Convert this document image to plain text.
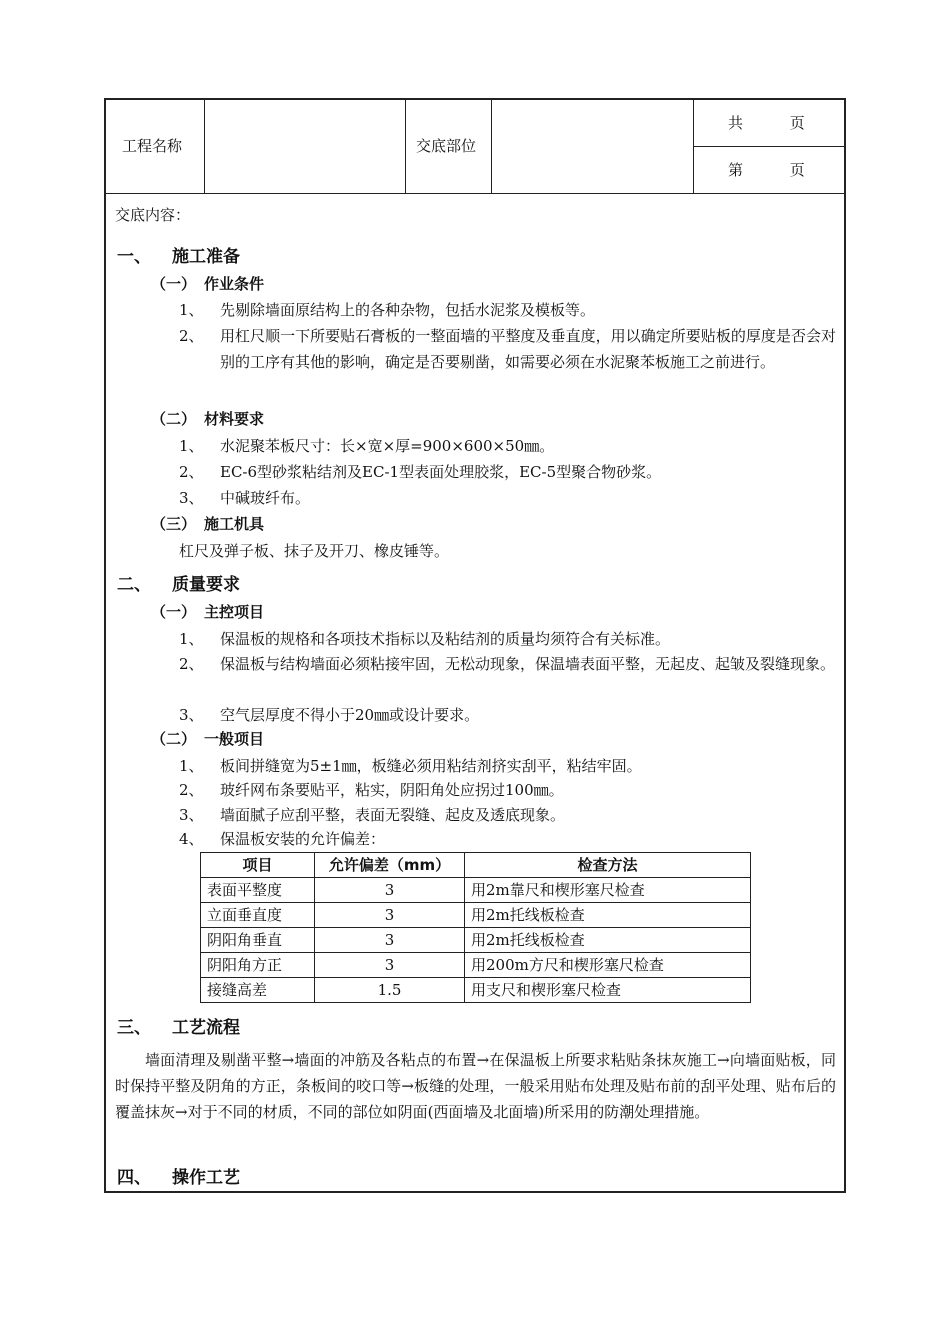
工程名称	交底部位
共 页
第 页
交底内容：
一、 施工准备
（一） 作业条件
1、 先剔除墙面原结构上的各种杂物，包括水泥浆及模板等。
2、 用杠尺顺一下所要贴石膏板的一整面墙的平整度及垂直度，用以确定所要贴板的厚度是否会对别的工序有其他的影响，确定是否要剔凿，如需要必须在水泥聚苯板施工之前进行。
（二） 材料要求
1、 水泥聚苯板尺寸：长×宽×厚=900×600×50㎜。
2、 EC-6型砂浆粘结剂及EC-1型表面处理胶浆，EC-5型聚合物砂浆。
3、 中碱玻纤布。
（三） 施工机具
杠尺及弹子板、抹子及开刀、橡皮锤等。
二、 质量要求
（一） 主控项目
1、 保温板的规格和各项技术指标以及粘结剂的质量均须符合有关标准。
2、 保温板与结构墙面必须粘接牢固，无松动现象，保温墙表面平整，无起皮、起皱及裂缝现象。
3、 空气层厚度不得小于20㎜或设计要求。
（二） 一般项目
1、 板间拼缝宽为5±1㎜，板缝必须用粘结剂挤实刮平，粘结牢固。
2、 玻纤网布条要贴平，粘实，阴阳角处应拐过100㎜。
3、 墙面腻子应刮平整，表面无裂缝、起皮及透底现象。
4、 保温板安装的允许偏差：
项目	允许偏差（mm）	检查方法
表面平整度	3	用2m靠尺和楔形塞尺检查
立面垂直度	3	用2m托线板检查
阴阳角垂直	3	用2m托线板检查
阴阳角方正	3	用200m方尺和楔形塞尺检查
接缝高差	1.5	用支尺和楔形塞尺检查
三、 工艺流程
墙面清理及剔凿平整→墙面的冲筋及各粘点的布置→在保温板上所要求粘贴条抹灰施工→向墙面贴板，同时保持平整及阴角的方正，条板间的咬口等→板缝的处理，一般采用贴布处理及贴布前的刮平处理、贴布后的覆盖抹灰→对于不同的材质，不同的部位如阴面(西面墙及北面墙)所采用的防潮处理措施。
四、 操作工艺
